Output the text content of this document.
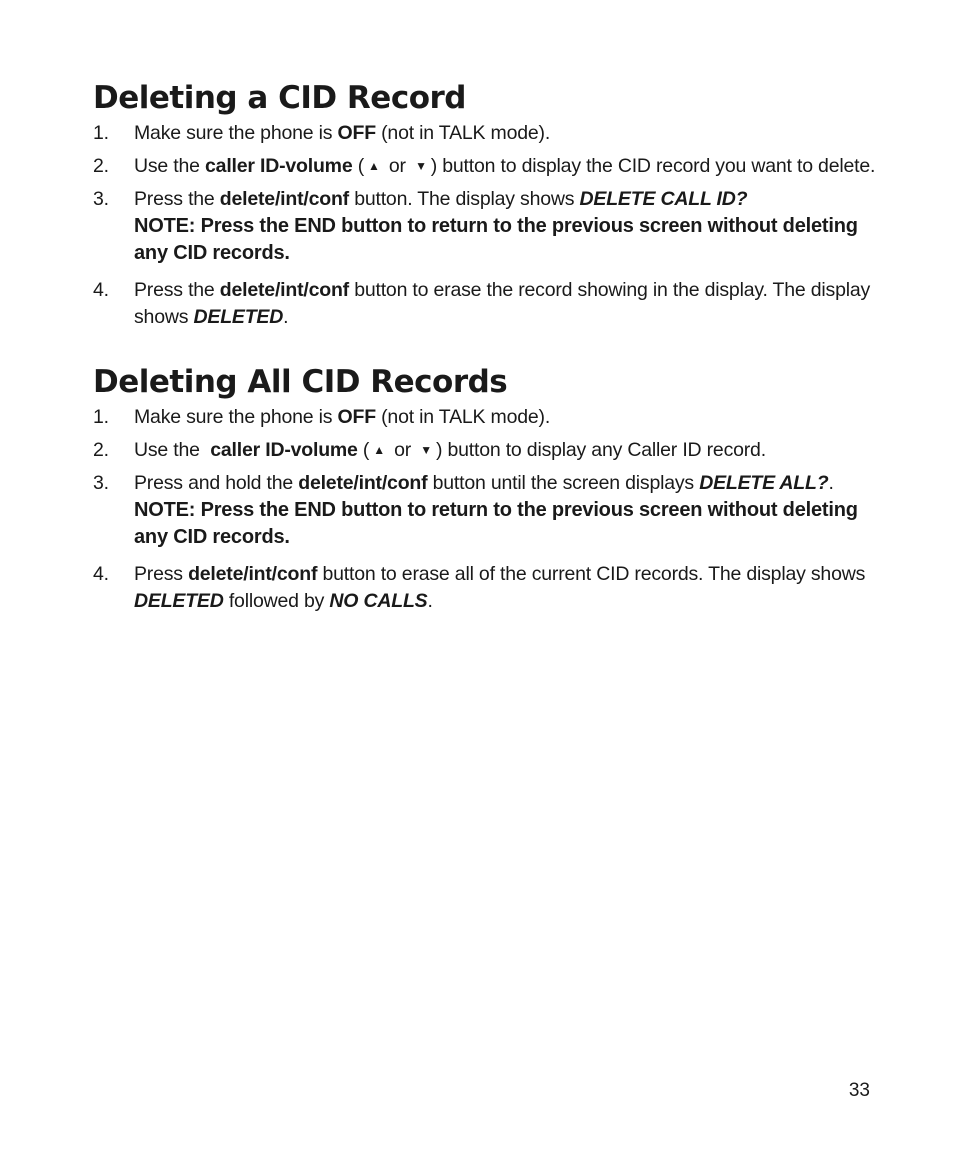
Deleting a CID Record
1. Make sure the phone is OFF (not in TALK mode).
2. Use the caller ID-volume ( ▲ or ▼ ) button to display the CID record you want to delete.
3. Press the delete/int/conf button. The display shows DELETE CALL ID?
NOTE: Press the END button to return to the previous screen without deleting any CID records.
4. Press the delete/int/conf button to erase the record showing in the display. The display shows DELETED.
Deleting All CID Records
1. Make sure the phone is OFF (not in TALK mode).
2. Use the  caller ID-volume ( ▲ or ▼ ) button to display any Caller ID record.
3. Press and hold the delete/int/conf button until the screen displays DELETE ALL?.
NOTE: Press the END button to return to the previous screen without deleting any CID records.
4. Press delete/int/conf button to erase all of the current CID records. The display shows DELETED followed by NO CALLS.
33
